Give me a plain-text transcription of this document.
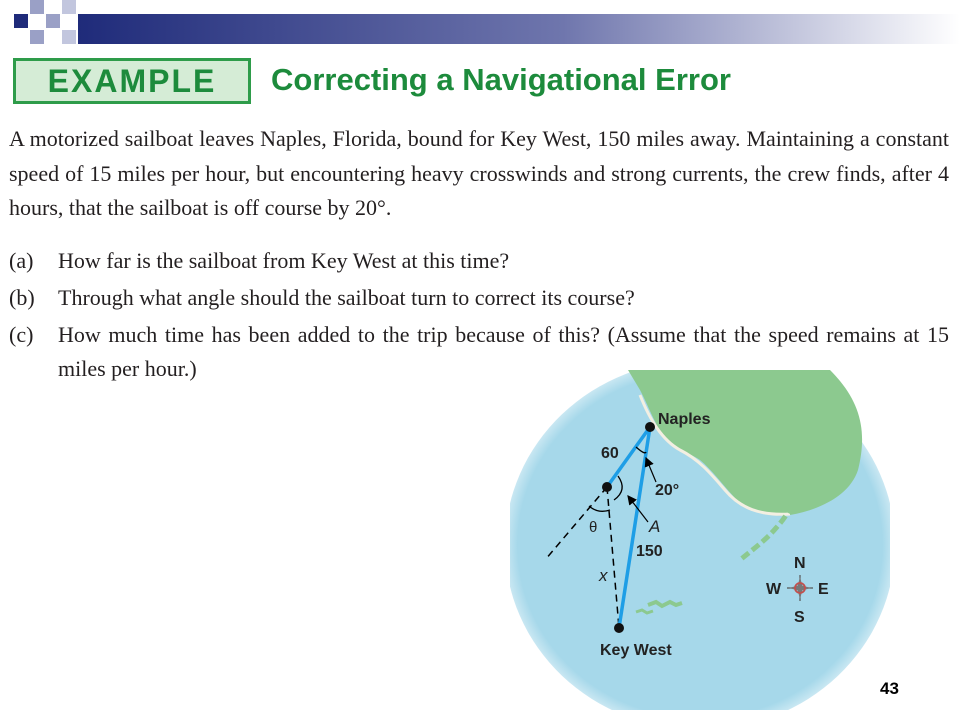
EXAMPLE Correcting a Navigational Error
A motorized sailboat leaves Naples, Florida, bound for Key West, 150 miles away. Maintaining a constant speed of 15 miles per hour, but encountering heavy crosswinds and strong currents, the crew finds, after 4 hours, that the sailboat is off course by 20°.
(a) How far is the sailboat from Key West at this time?
(b) Through what angle should the sailboat turn to correct its course?
(c) How much time has been added to the trip because of this? (Assume that the speed remains at 15 miles per hour.)
Naples
Key West
60
20°
A
150
x
θ
N
S
W E
43
